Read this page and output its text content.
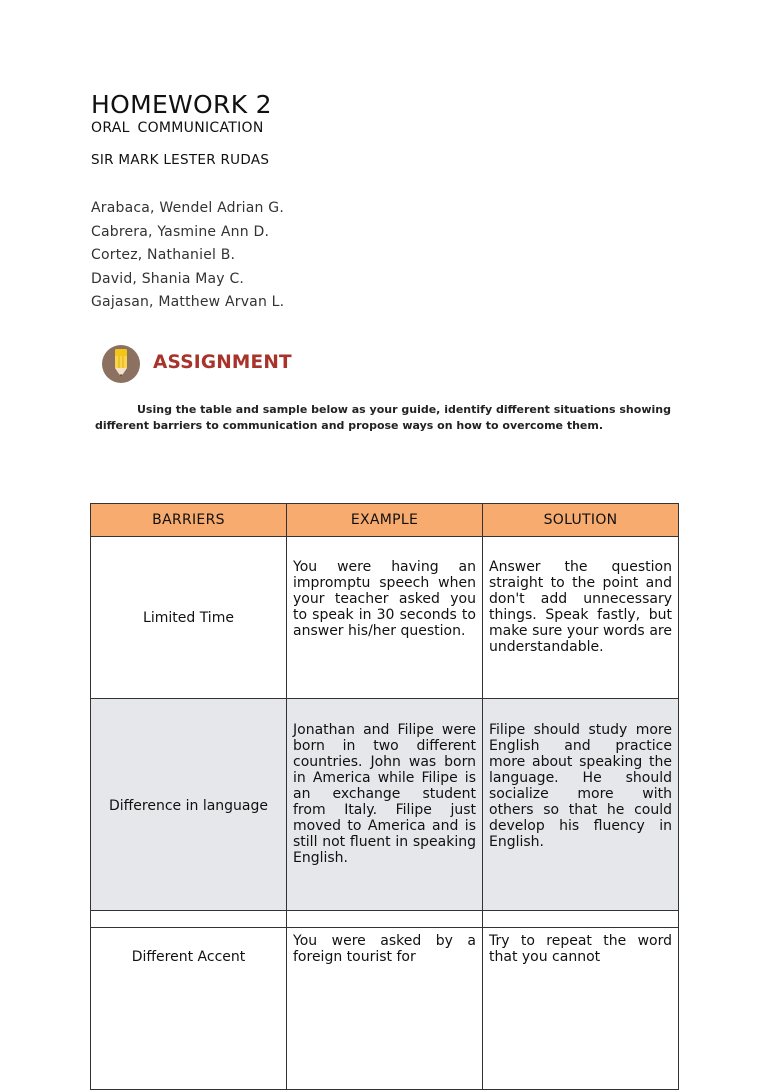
HOMEWORK 2
ORAL COMMUNICATION
SIR MARK LESTER RUDAS
Arabaca, Wendel Adrian G.
Cabrera, Yasmine Ann D.
Cortez, Nathaniel B.
David, Shania May C.
Gajasan, Matthew Arvan L.
ASSIGNMENT

Using the table and sample below as your guide, identify different situations showing different barriers to communication and propose ways on how to overcome them.

BARRIERS	EXAMPLE	SOLUTION
Limited Time	You were having an impromptu speech when your teacher asked you to speak in 30 seconds to answer his/her question.	Answer the question straight to the point and don't add unnecessary things. Speak fastly, but make sure your words are understandable.
Difference in language	Jonathan and Filipe were born in two different countries. John was born in America while Filipe is an exchange student from Italy. Filipe just moved to America and is still not fluent in speaking English.	Filipe should study more English and practice more about speaking the language. He should socialize more with others so that he could develop his fluency in English.
Different Accent	You were asked by a foreign tourist for	Try to repeat the word that you cannot
